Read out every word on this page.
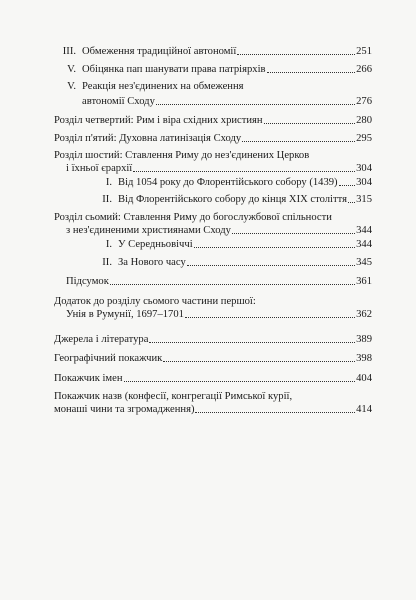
III. Обмеження традиційної автономії	251
V. Обіцянка пап шанувати права патріярхів	266
V. Реакція нез'єдинених на обмеження
автономії Сходу	276
Розділ четвертий: Рим і віра східних християн	280
Розділ п'ятий: Духовна латинізація Сходу	295
Розділ шостий: Ставлення Риму до нез'єдинених Церков
і їхньої єрархії	304
I. Від 1054 року до Флорентійського собору (1439) 304
II. Від Флорентійського собору до кінця XIX століття 315
Розділ сьомий: Ставлення Риму до богослужбової спільности
з нез'єдиненими християнами Сходу	344
I. У Середньовіччі	344
II. За Нового часу	345
Підсумок	361
Додаток до розділу сьомого частини першої:
Унія в Румунії, 1697–1701	362
Джерела і література	389
Географічний покажчик	398
Покажчик імен	404
Покажчик назв (конфесії, конгрегації Римської курії,
монаші чини та згромадження)	414
